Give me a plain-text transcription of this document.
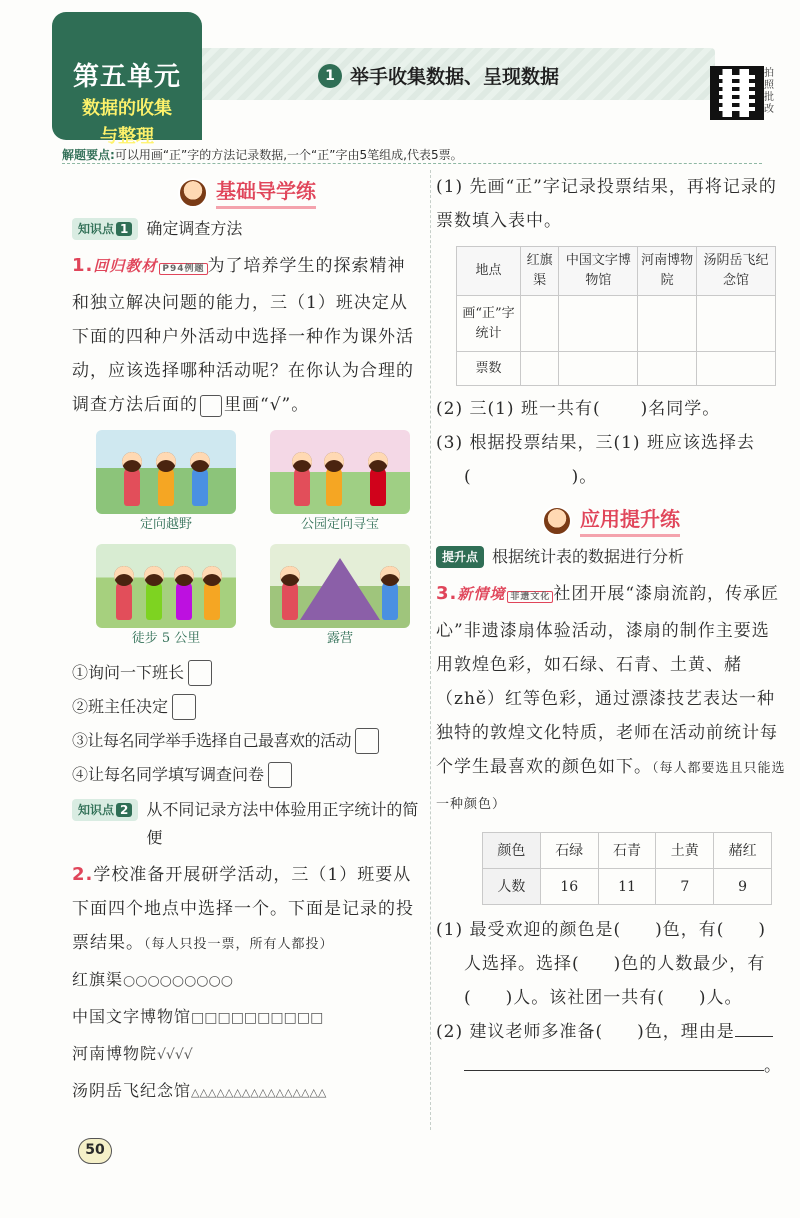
第五单元
数据的收集
与整理
1 举手收集数据、呈现数据	拍照批改
解题要点:可以用画“正”字的方法记录数据,一个“正”字由5笔组成,代表5票。
基础导学练
知识点 1	确定调查方法

1.回归教材 P94例题 为了培养学生的探索精神和独立解决问题的能力，三（1）班决定从下面的四种户外活动中选择一种作为课外活动，应该选择哪种活动呢？在你认为合理的调查方法后面的 里画“√”。

定向越野	公园定向寻宝
徒步 5 公里	露营
①询问一下班长
②班主任决定
③让每名同学举手选择自己最喜欢的活动
④让每名同学填写调查问卷
知识点 2	从不同记录方法中体验用正字统计的简便

2.学校准备开展研学活动，三（1）班要从下面四个地点中选择一个。下面是记录的投票结果。（每人只投一票，所有人都投）

红旗渠○○○○○○○○○
中国文字博物馆□□□□□□□□□□
河南博物院√√√√
汤阴岳飞纪念馆△△△△△△△△△△△△△△△△

(1) 先画“正”字记录投票结果，再将记录的票数填入表中。

地点	红旗渠	中国文字博物馆	河南博物院	汤阴岳飞纪念馆
画“正”字统计				
票数				

(2) 三(1) 班一共有( )名同学。

(3) 根据投票结果，三(1) 班应该选择去

(	)。

应用提升练
提升点 根据统计表的数据进行分析

3.新情境 非遗文化 社团开展“漆扇流韵，传承匠心”非遗漆扇体验活动，漆扇的制作主要选用敦煌色彩，如石绿、石青、土黄、赭（zhě）红等色彩，通过漂漆技艺表达一种独特的敦煌文化特质，老师在活动前统计每个学生最喜欢的颜色如下。（每人都要选且只能选一种颜色）

颜色	石绿	石青	土黄	赭红
人数	16	11	7	9

(1) 最受欢迎的颜色是( )色，有( )

人选择。选择( )色的人数最少，有

( )人。该社团一共有( )人。

(2) 建议老师多准备( )色，理由是

。

50
